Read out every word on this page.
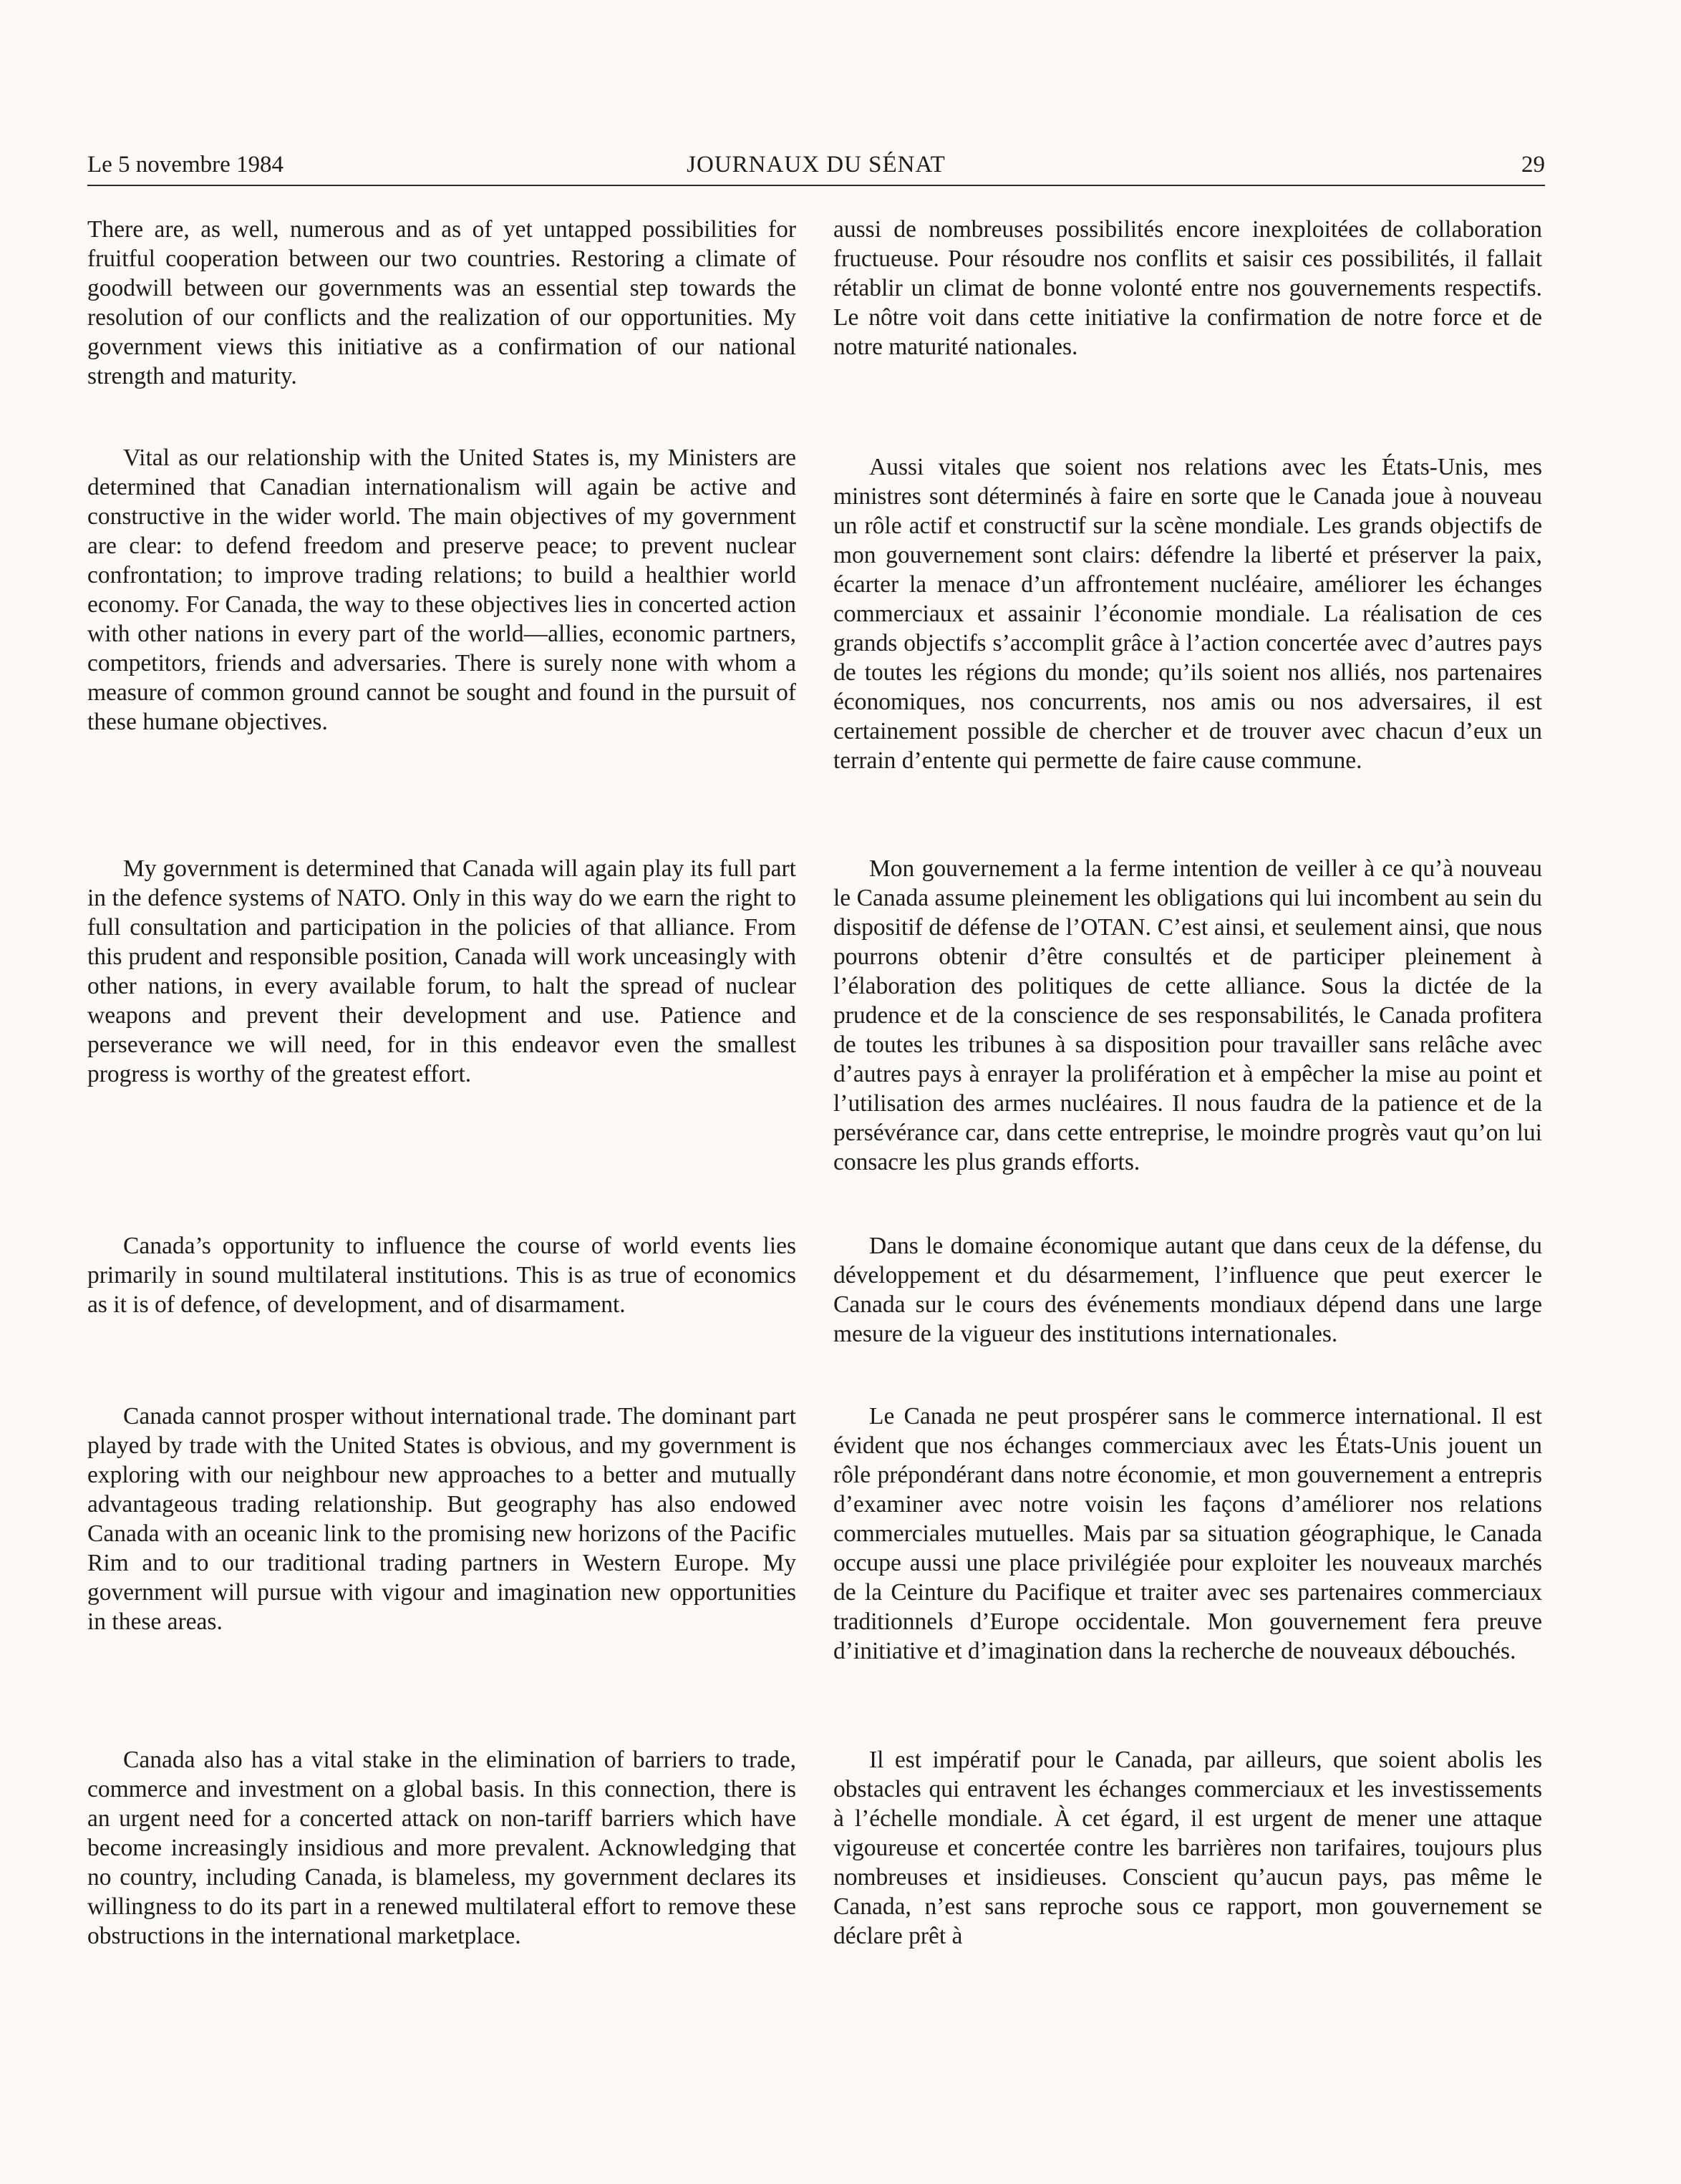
Le 5 novembre 1984	JOURNAUX DU SÉNAT	29

There are, as well, numerous and as of yet untapped possibilities for fruitful cooperation between our two countries. Restoring a climate of goodwill between our governments was an essential step towards the resolution of our conflicts and the realization of our opportunities. My government views this initiative as a confirmation of our national strength and maturity.

Vital as our relationship with the United States is, my Ministers are determined that Canadian internationalism will again be active and constructive in the wider world. The main objectives of my government are clear: to defend freedom and preserve peace; to prevent nuclear confrontation; to improve trading relations; to build a healthier world economy. For Canada, the way to these objectives lies in concerted action with other nations in every part of the world—allies, economic partners, competitors, friends and adversaries. There is surely none with whom a measure of common ground cannot be sought and found in the pursuit of these humane objectives.

My government is determined that Canada will again play its full part in the defence systems of NATO. Only in this way do we earn the right to full consultation and participation in the policies of that alliance. From this prudent and responsible position, Canada will work unceasingly with other nations, in every available forum, to halt the spread of nuclear weapons and prevent their development and use. Patience and perseverance we will need, for in this endeavor even the smallest progress is worthy of the greatest effort.

Canada’s opportunity to influence the course of world events lies primarily in sound multilateral institutions. This is as true of economics as it is of defence, of development, and of disarmament.

Canada cannot prosper without international trade. The dominant part played by trade with the United States is obvious, and my government is exploring with our neighbour new approaches to a better and mutually advantageous trading relationship. But geography has also endowed Canada with an oceanic link to the promising new horizons of the Pacific Rim and to our traditional trading partners in Western Europe. My government will pursue with vigour and imagination new opportunities in these areas.

Canada also has a vital stake in the elimination of barriers to trade, commerce and investment on a global basis. In this connection, there is an urgent need for a concerted attack on non-tariff barriers which have become increasingly insidious and more prevalent. Acknowledging that no country, including Canada, is blameless, my government declares its willingness to do its part in a renewed multilateral effort to remove these obstructions in the international marketplace.

aussi de nombreuses possibilités encore inexploitées de collaboration fructueuse. Pour résoudre nos conflits et saisir ces possibilités, il fallait rétablir un climat de bonne volonté entre nos gouvernements respectifs. Le nôtre voit dans cette initiative la confirmation de notre force et de notre maturité nationales.

Aussi vitales que soient nos relations avec les États-Unis, mes ministres sont déterminés à faire en sorte que le Canada joue à nouveau un rôle actif et constructif sur la scène mondiale. Les grands objectifs de mon gouvernement sont clairs: défendre la liberté et préserver la paix, écarter la menace d’un affrontement nucléaire, améliorer les échanges commerciaux et assainir l’économie mondiale. La réalisation de ces grands objectifs s’accomplit grâce à l’action concertée avec d’autres pays de toutes les régions du monde; qu’ils soient nos alliés, nos partenaires économiques, nos concurrents, nos amis ou nos adversaires, il est certainement possible de chercher et de trouver avec chacun d’eux un terrain d’entente qui permette de faire cause commune.

Mon gouvernement a la ferme intention de veiller à ce qu’à nouveau le Canada assume pleinement les obligations qui lui incombent au sein du dispositif de défense de l’OTAN. C’est ainsi, et seulement ainsi, que nous pourrons obtenir d’être consultés et de participer pleinement à l’élaboration des politiques de cette alliance. Sous la dictée de la prudence et de la conscience de ses responsabilités, le Canada profitera de toutes les tribunes à sa disposition pour travailler sans relâche avec d’autres pays à enrayer la prolifération et à empêcher la mise au point et l’utilisation des armes nucléaires. Il nous faudra de la patience et de la persévérance car, dans cette entreprise, le moindre progrès vaut qu’on lui consacre les plus grands efforts.

Dans le domaine économique autant que dans ceux de la défense, du développement et du désarmement, l’influence que peut exercer le Canada sur le cours des événements mondiaux dépend dans une large mesure de la vigueur des institutions internationales.

Le Canada ne peut prospérer sans le commerce international. Il est évident que nos échanges commerciaux avec les États-Unis jouent un rôle prépondérant dans notre économie, et mon gouvernement a entrepris d’examiner avec notre voisin les façons d’améliorer nos relations commerciales mutuelles. Mais par sa situation géographique, le Canada occupe aussi une place privilégiée pour exploiter les nouveaux marchés de la Ceinture du Pacifique et traiter avec ses partenaires commerciaux traditionnels d’Europe occidentale. Mon gouvernement fera preuve d’initiative et d’imagination dans la recherche de nouveaux débouchés.

Il est impératif pour le Canada, par ailleurs, que soient abolis les obstacles qui entravent les échanges commerciaux et les investissements à l’échelle mondiale. À cet égard, il est urgent de mener une attaque vigoureuse et concertée contre les barrières non tarifaires, toujours plus nombreuses et insidieuses. Conscient qu’aucun pays, pas même le Canada, n’est sans reproche sous ce rapport, mon gouvernement se déclare prêt à
